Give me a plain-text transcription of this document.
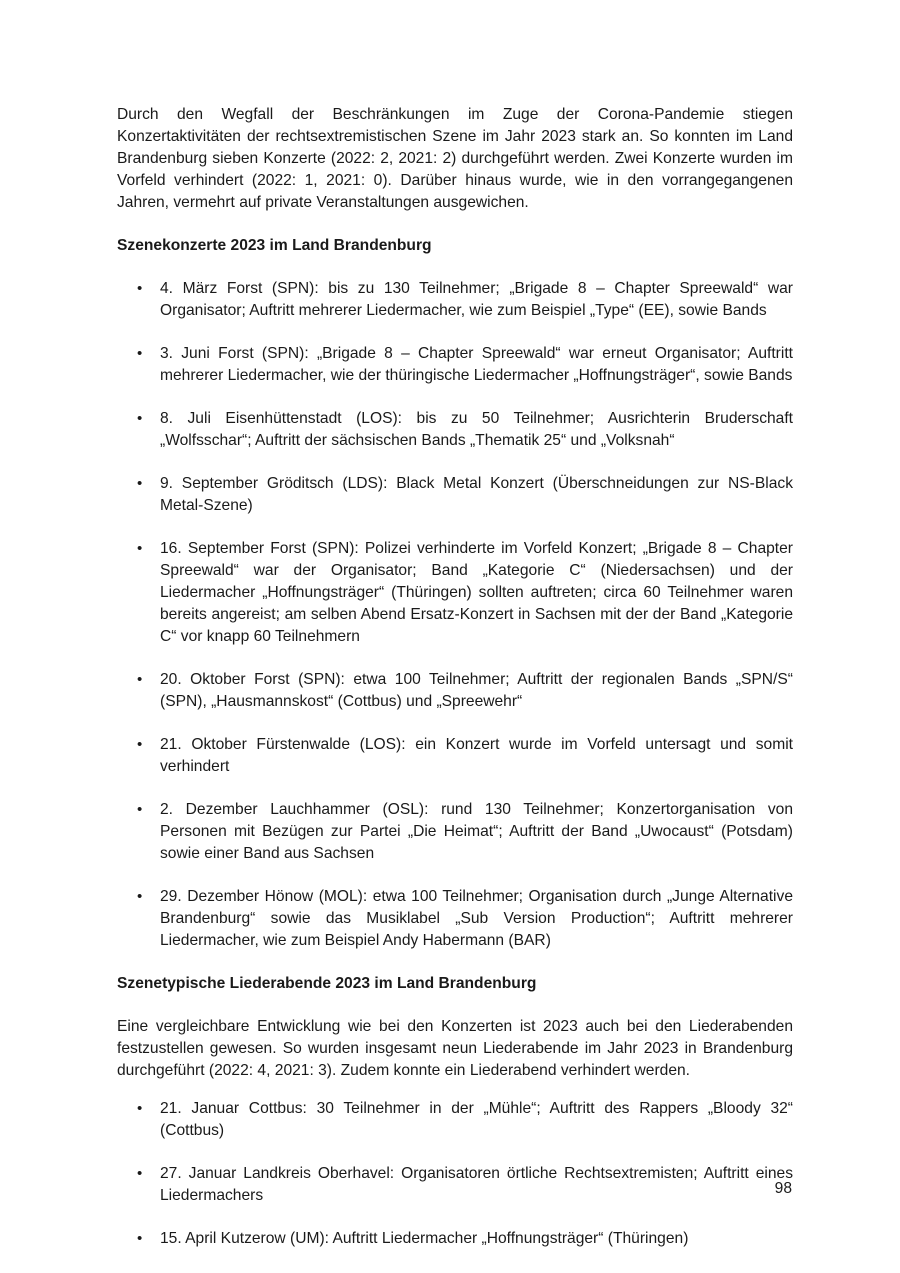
Durch den Wegfall der Beschränkungen im Zuge der Corona-Pandemie stiegen Konzertaktivitäten der rechtsextremistischen Szene im Jahr 2023 stark an. So konnten im Land Brandenburg sieben Konzerte (2022: 2, 2021: 2) durchgeführt werden. Zwei Konzerte wurden im Vorfeld verhindert (2022: 1, 2021: 0). Darüber hinaus wurde, wie in den vorrangegangenen Jahren, vermehrt auf private Veranstaltungen ausgewichen.

Szenekonzerte 2023 im Land Brandenburg
• 4. März Forst (SPN): bis zu 130 Teilnehmer; „Brigade 8 – Chapter Spreewald“ war Organisator; Auftritt mehrerer Liedermacher, wie zum Beispiel „Type“ (EE), sowie Bands
• 3. Juni Forst (SPN): „Brigade 8 – Chapter Spreewald“ war erneut Organisator; Auftritt mehrerer Liedermacher, wie der thüringische Liedermacher „Hoffnungsträger“, sowie Bands
• 8. Juli Eisenhüttenstadt (LOS): bis zu 50 Teilnehmer; Ausrichterin Bruderschaft „Wolfsschar“; Auftritt der sächsischen Bands „Thematik 25“ und „Volksnah“
• 9. September Gröditsch (LDS): Black Metal Konzert (Überschneidungen zur NS-Black Metal-Szene)
• 16. September Forst (SPN): Polizei verhinderte im Vorfeld Konzert; „Brigade 8 – Chapter Spreewald“ war der Organisator; Band „Kategorie C“ (Niedersachsen) und der Liedermacher „Hoffnungsträger“ (Thüringen) sollten auftreten; circa 60 Teilnehmer waren bereits angereist; am selben Abend Ersatz-Konzert in Sachsen mit der der Band „Kategorie C“ vor knapp 60 Teilnehmern
• 20. Oktober Forst (SPN): etwa 100 Teilnehmer; Auftritt der regionalen Bands „SPN/S“ (SPN), „Hausmannskost“ (Cottbus) und „Spreewehr“
• 21. Oktober Fürstenwalde (LOS): ein Konzert wurde im Vorfeld untersagt und somit verhindert
• 2. Dezember Lauchhammer (OSL): rund 130 Teilnehmer; Konzertorganisation von Personen mit Bezügen zur Partei „Die Heimat“; Auftritt der Band „Uwocaust“ (Potsdam) sowie einer Band aus Sachsen
• 29. Dezember Hönow (MOL): etwa 100 Teilnehmer; Organisation durch „Junge Alternative Brandenburg“ sowie das Musiklabel „Sub Version Production“; Auftritt mehrerer Liedermacher, wie zum Beispiel Andy Habermann (BAR)
Szenetypische Liederabende 2023 im Land Brandenburg

Eine vergleichbare Entwicklung wie bei den Konzerten ist 2023 auch bei den Liederabenden festzustellen gewesen. So wurden insgesamt neun Liederabende im Jahr 2023 in Brandenburg durchgeführt (2022: 4, 2021: 3). Zudem konnte ein Liederabend verhindert werden.

• 21. Januar Cottbus: 30 Teilnehmer in der „Mühle“; Auftritt des Rappers „Bloody 32“ (Cottbus)
• 27. Januar Landkreis Oberhavel: Organisatoren örtliche Rechtsextremisten; Auftritt eines Liedermachers
• 15. April Kutzerow (UM): Auftritt Liedermacher „Hoffnungsträger“ (Thüringen)
98
